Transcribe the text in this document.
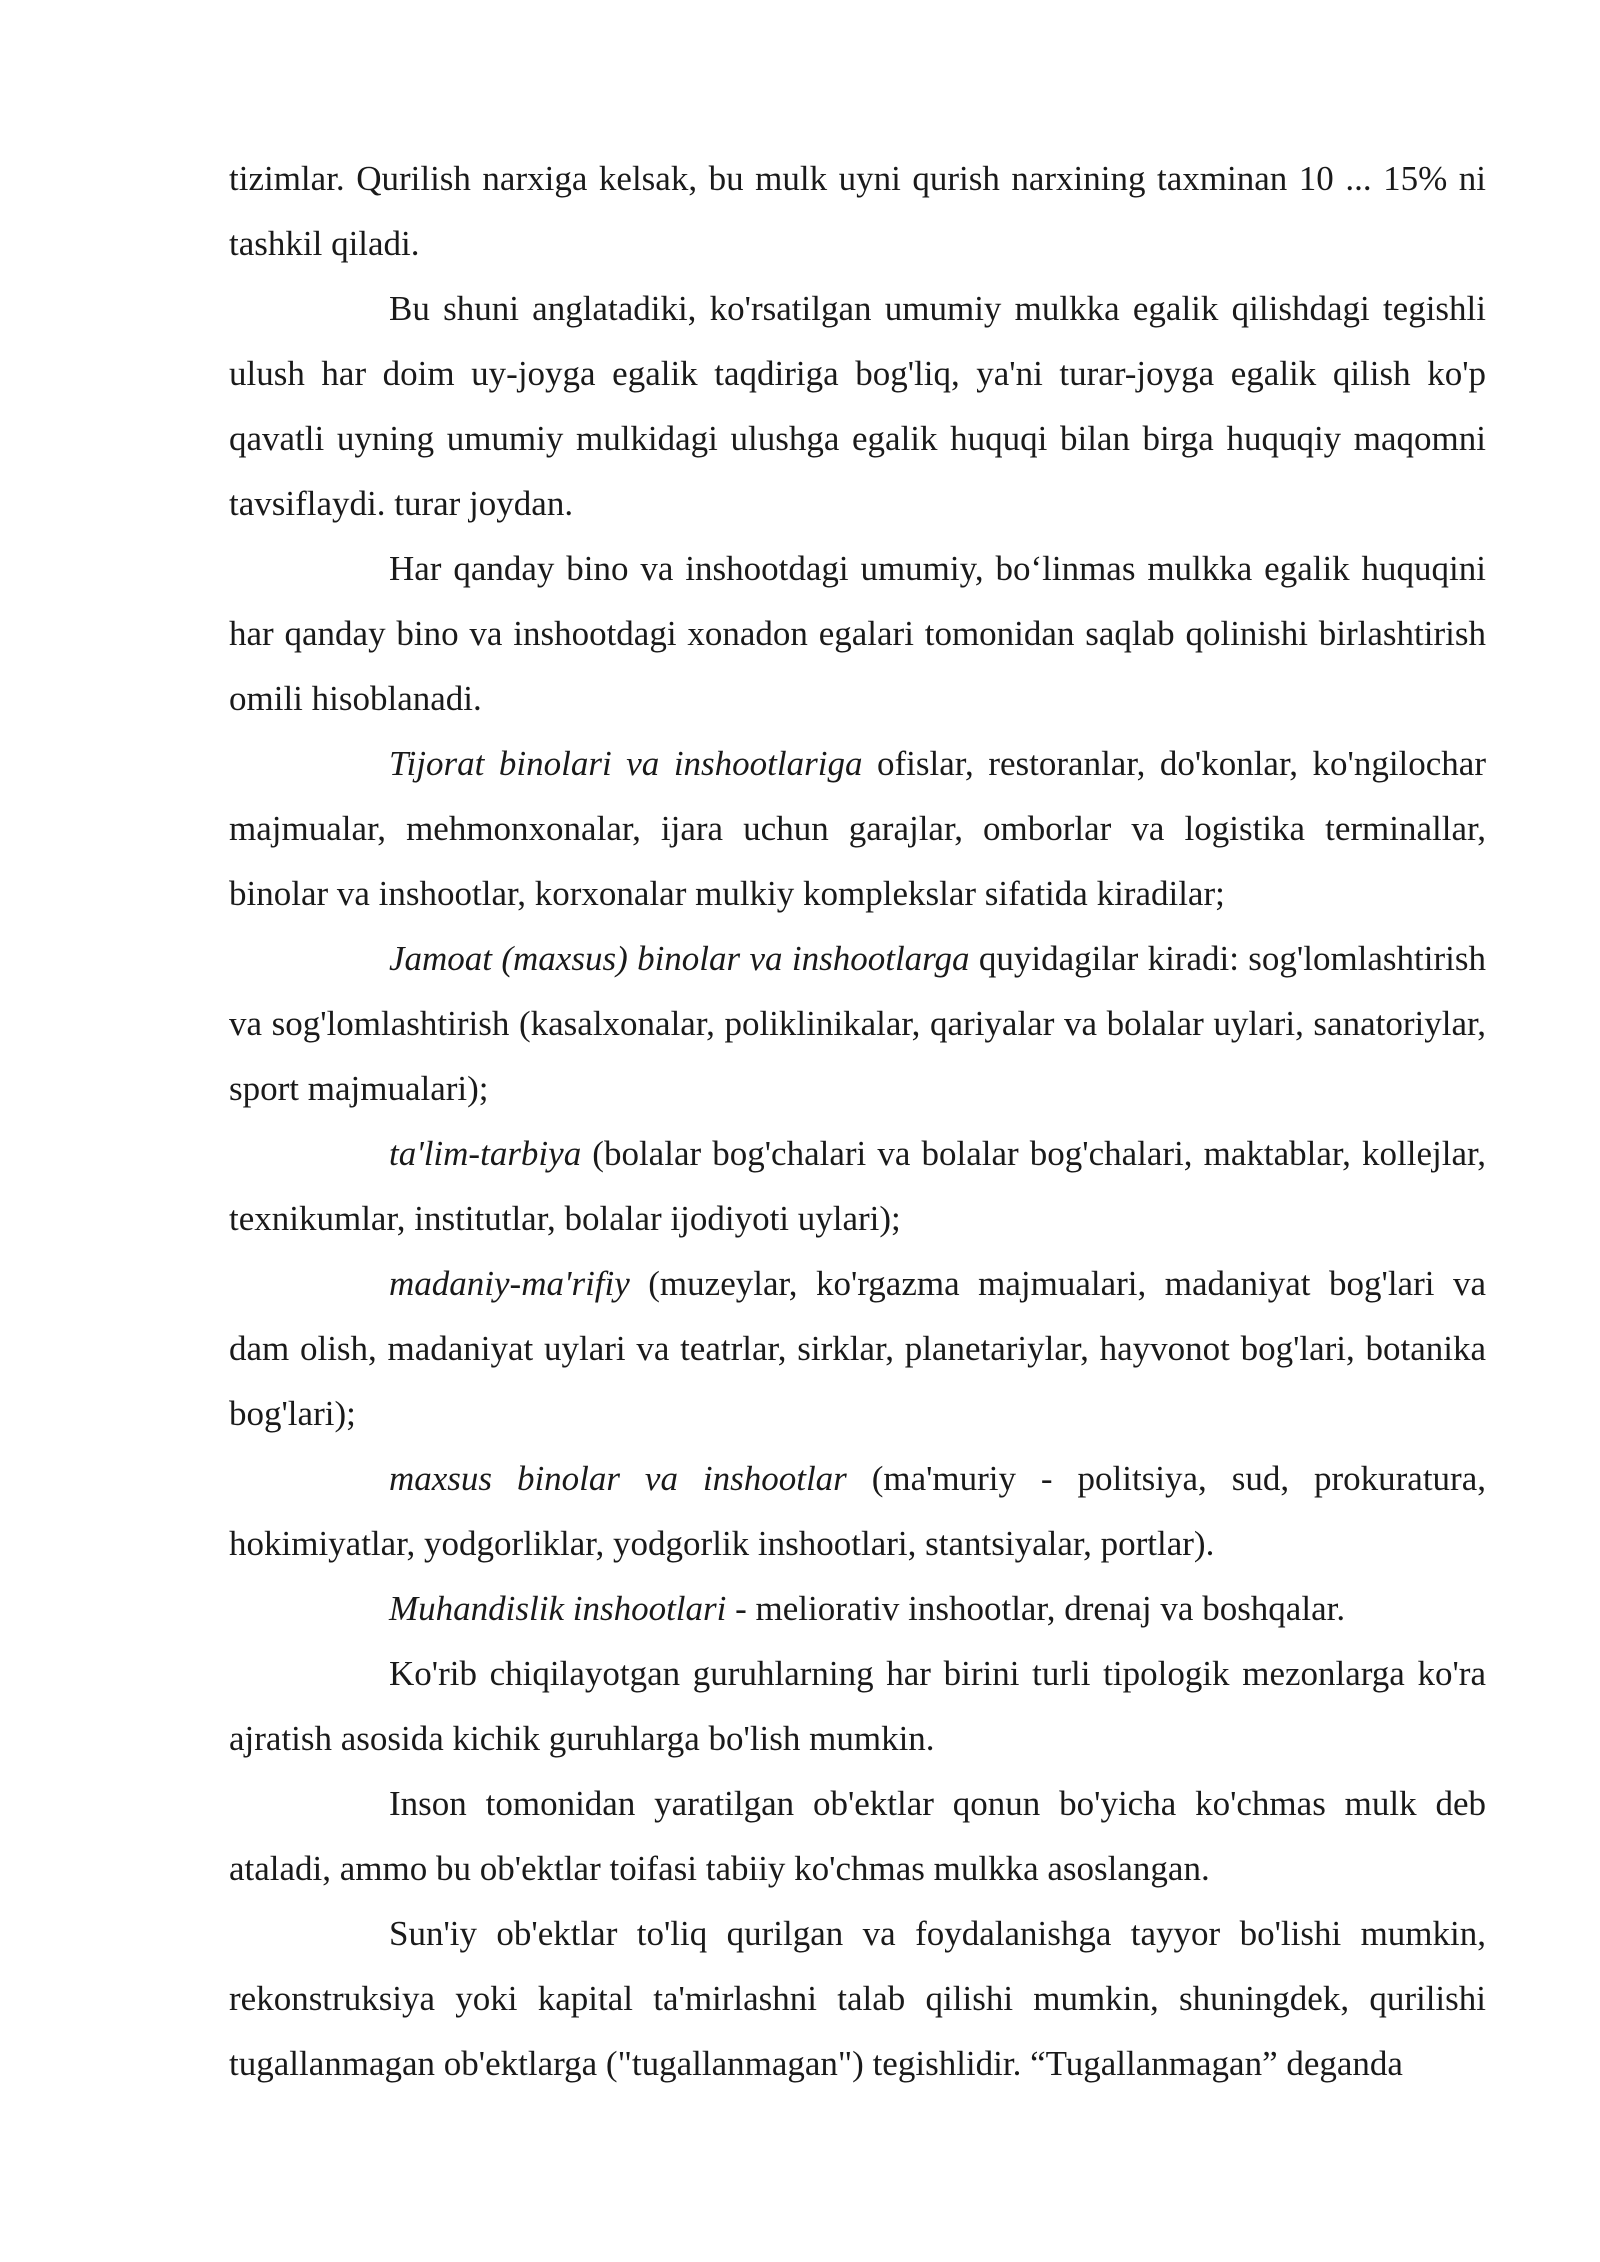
tizimlar. Qurilish narxiga kelsak, bu mulk uyni qurish narxining taxminan 10 ... 15% ni tashkil qiladi.

Bu shuni anglatadiki, ko'rsatilgan umumiy mulkka egalik qilishdagi tegishli ulush har doim uy-joyga egalik taqdiriga bog'liq, ya'ni turar-joyga egalik qilish ko'p qavatli uyning umumiy mulkidagi ulushga egalik huquqi bilan birga huquqiy maqomni tavsiflaydi. turar joydan.

Har qanday bino va inshootdagi umumiy, bo‘linmas mulkka egalik huquqini har qanday bino va inshootdagi xonadon egalari tomonidan saqlab qolinishi birlashtirish omili hisoblanadi.

Tijorat binolari va inshootlariga ofislar, restoranlar, do'konlar, ko'ngilochar majmualar, mehmonxonalar, ijara uchun garajlar, omborlar va logistika terminallar, binolar va inshootlar, korxonalar mulkiy komplekslar sifatida kiradilar;

Jamoat (maxsus) binolar va inshootlarga quyidagilar kiradi: sog'lomlashtirish va sog'lomlashtirish (kasalxonalar, poliklinikalar, qariyalar va bolalar uylari, sanatoriylar, sport majmualari);

ta'lim-tarbiya (bolalar bog'chalari va bolalar bog'chalari, maktablar, kollejlar, texnikumlar, institutlar, bolalar ijodiyoti uylari);

madaniy-ma'rifiy (muzeylar, ko'rgazma majmualari, madaniyat bog'lari va dam olish, madaniyat uylari va teatrlar, sirklar, planetariylar, hayvonot bog'lari, botanika bog'lari);

maxsus binolar va inshootlar (ma'muriy - politsiya, sud, prokuratura, hokimiyatlar, yodgorliklar, yodgorlik inshootlari, stantsiyalar, portlar).

Muhandislik inshootlari - meliorativ inshootlar, drenaj va boshqalar.

Ko'rib chiqilayotgan guruhlarning har birini turli tipologik mezonlarga ko'ra ajratish asosida kichik guruhlarga bo'lish mumkin.

Inson tomonidan yaratilgan ob'ektlar qonun bo'yicha ko'chmas mulk deb ataladi, ammo bu ob'ektlar toifasi tabiiy ko'chmas mulkka asoslangan.

Sun'iy ob'ektlar to'liq qurilgan va foydalanishga tayyor bo'lishi mumkin, rekonstruksiya yoki kapital ta'mirlashni talab qilishi mumkin, shuningdek, qurilishi tugallanmagan ob'ektlarga ("tugallanmagan") tegishlidir. “Tugallanmagan” deganda
